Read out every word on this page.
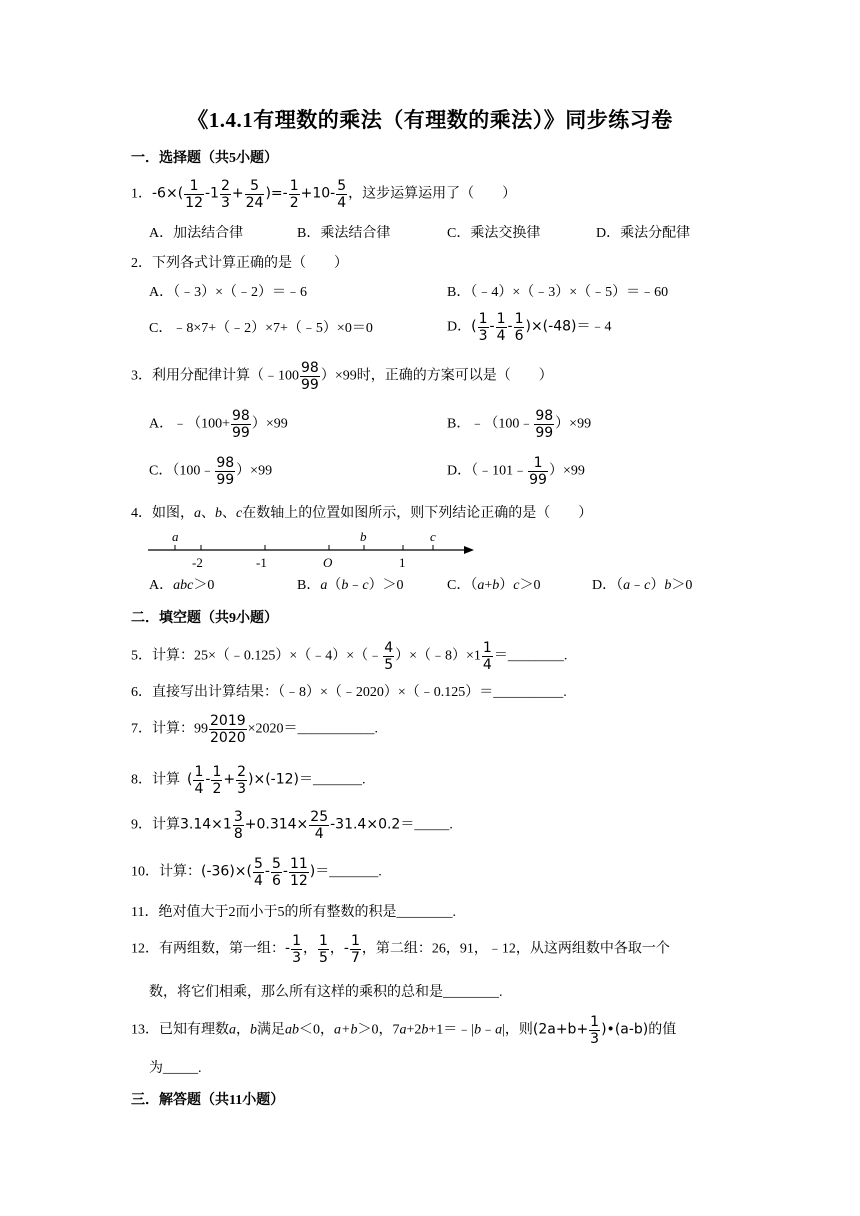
《1.4.1有理数的乘法（有理数的乘法）》同步练习卷
一．选择题（共5小题）
1．$-6\times( \frac{1}{12} -1 \frac{2}{3} + \frac{5}{24}$ )=- $\frac{1}{2} +10- \frac{5}{4}$ ，这步运算运用了（　　）
A．加法结合律	B．乘法结合律	C．乘法交换律	D．乘法分配律
2．下列各式计算正确的是（　　）
A．（﹣3）×（﹣2）＝﹣6	B．（﹣4）×（﹣3）×（﹣5）＝﹣60
C．﹣8×7+（﹣2）×7+（﹣5）×0＝0	D．( $\frac{1}{3} - \frac{1}{4} - \frac{1}{6}$ )×(-48)＝﹣4
3．利用分配律计算（﹣100 $\frac{98}{99} )\times 99$时，正确的方案可以是（　　）
A．﹣（100+ $\frac{98}{99} )\times 99$	B．﹣（100﹣ $\frac{98}{99} )\times 99$
C．（100﹣ $\frac{98}{99} )\times 99$	D．（﹣101﹣ $\frac{1}{99} )\times 99$
4．如图，a、b、c在数轴上的位置如图所示，则下列结论正确的是（　　）
a	b	c
-2	-1	O	1
A．abc＞0	B．a（b﹣c）＞0	C．（a+b）c＞0	D．（a﹣c）b＞0
二．填空题（共9小题）
5．计算：25×（﹣0.125）×（﹣4）×（﹣ $\frac{4}{5}$ ）×（﹣8）×1 $\frac{1}{4}$ ＝________.
6．直接写出计算结果：（﹣8）×（﹣2020）×（﹣0.125）＝__________.
7．计算：$99 \frac{2019}{2020}$ ×2020＝___________.
8．计算 ( $\frac{1}{4} - \frac{1}{2} + \frac{2}{3}$ )×(-12)＝_______.
9．计算$3.14\times 1 \frac{3}{8} +0.314\times \frac{25}{4}$ -31.4×0.2＝_____.
10．计算：$(-36)\times( \frac{5}{4} - \frac{5}{6} - \frac{11}{12}$ )＝_______.
11．绝对值大于2而小于5的所有整数的积是________.
12．有两组数，第一组：- $\frac{1}{3}$ ， $\frac{1}{5}$ ，- $\frac{1}{7}$ ，第二组：26，91，﹣12，从这两组数中各取一个
数，将它们相乘，那么所有这样的乘积的总和是________.
13．已知有理数a，b满足ab＜0，a+b＞0，7a+2b+1＝﹣|b﹣a|，则($2a+b+ \frac{1}{3}$ )•(a-b)的值
为_____.
三．解答题（共11小题）
